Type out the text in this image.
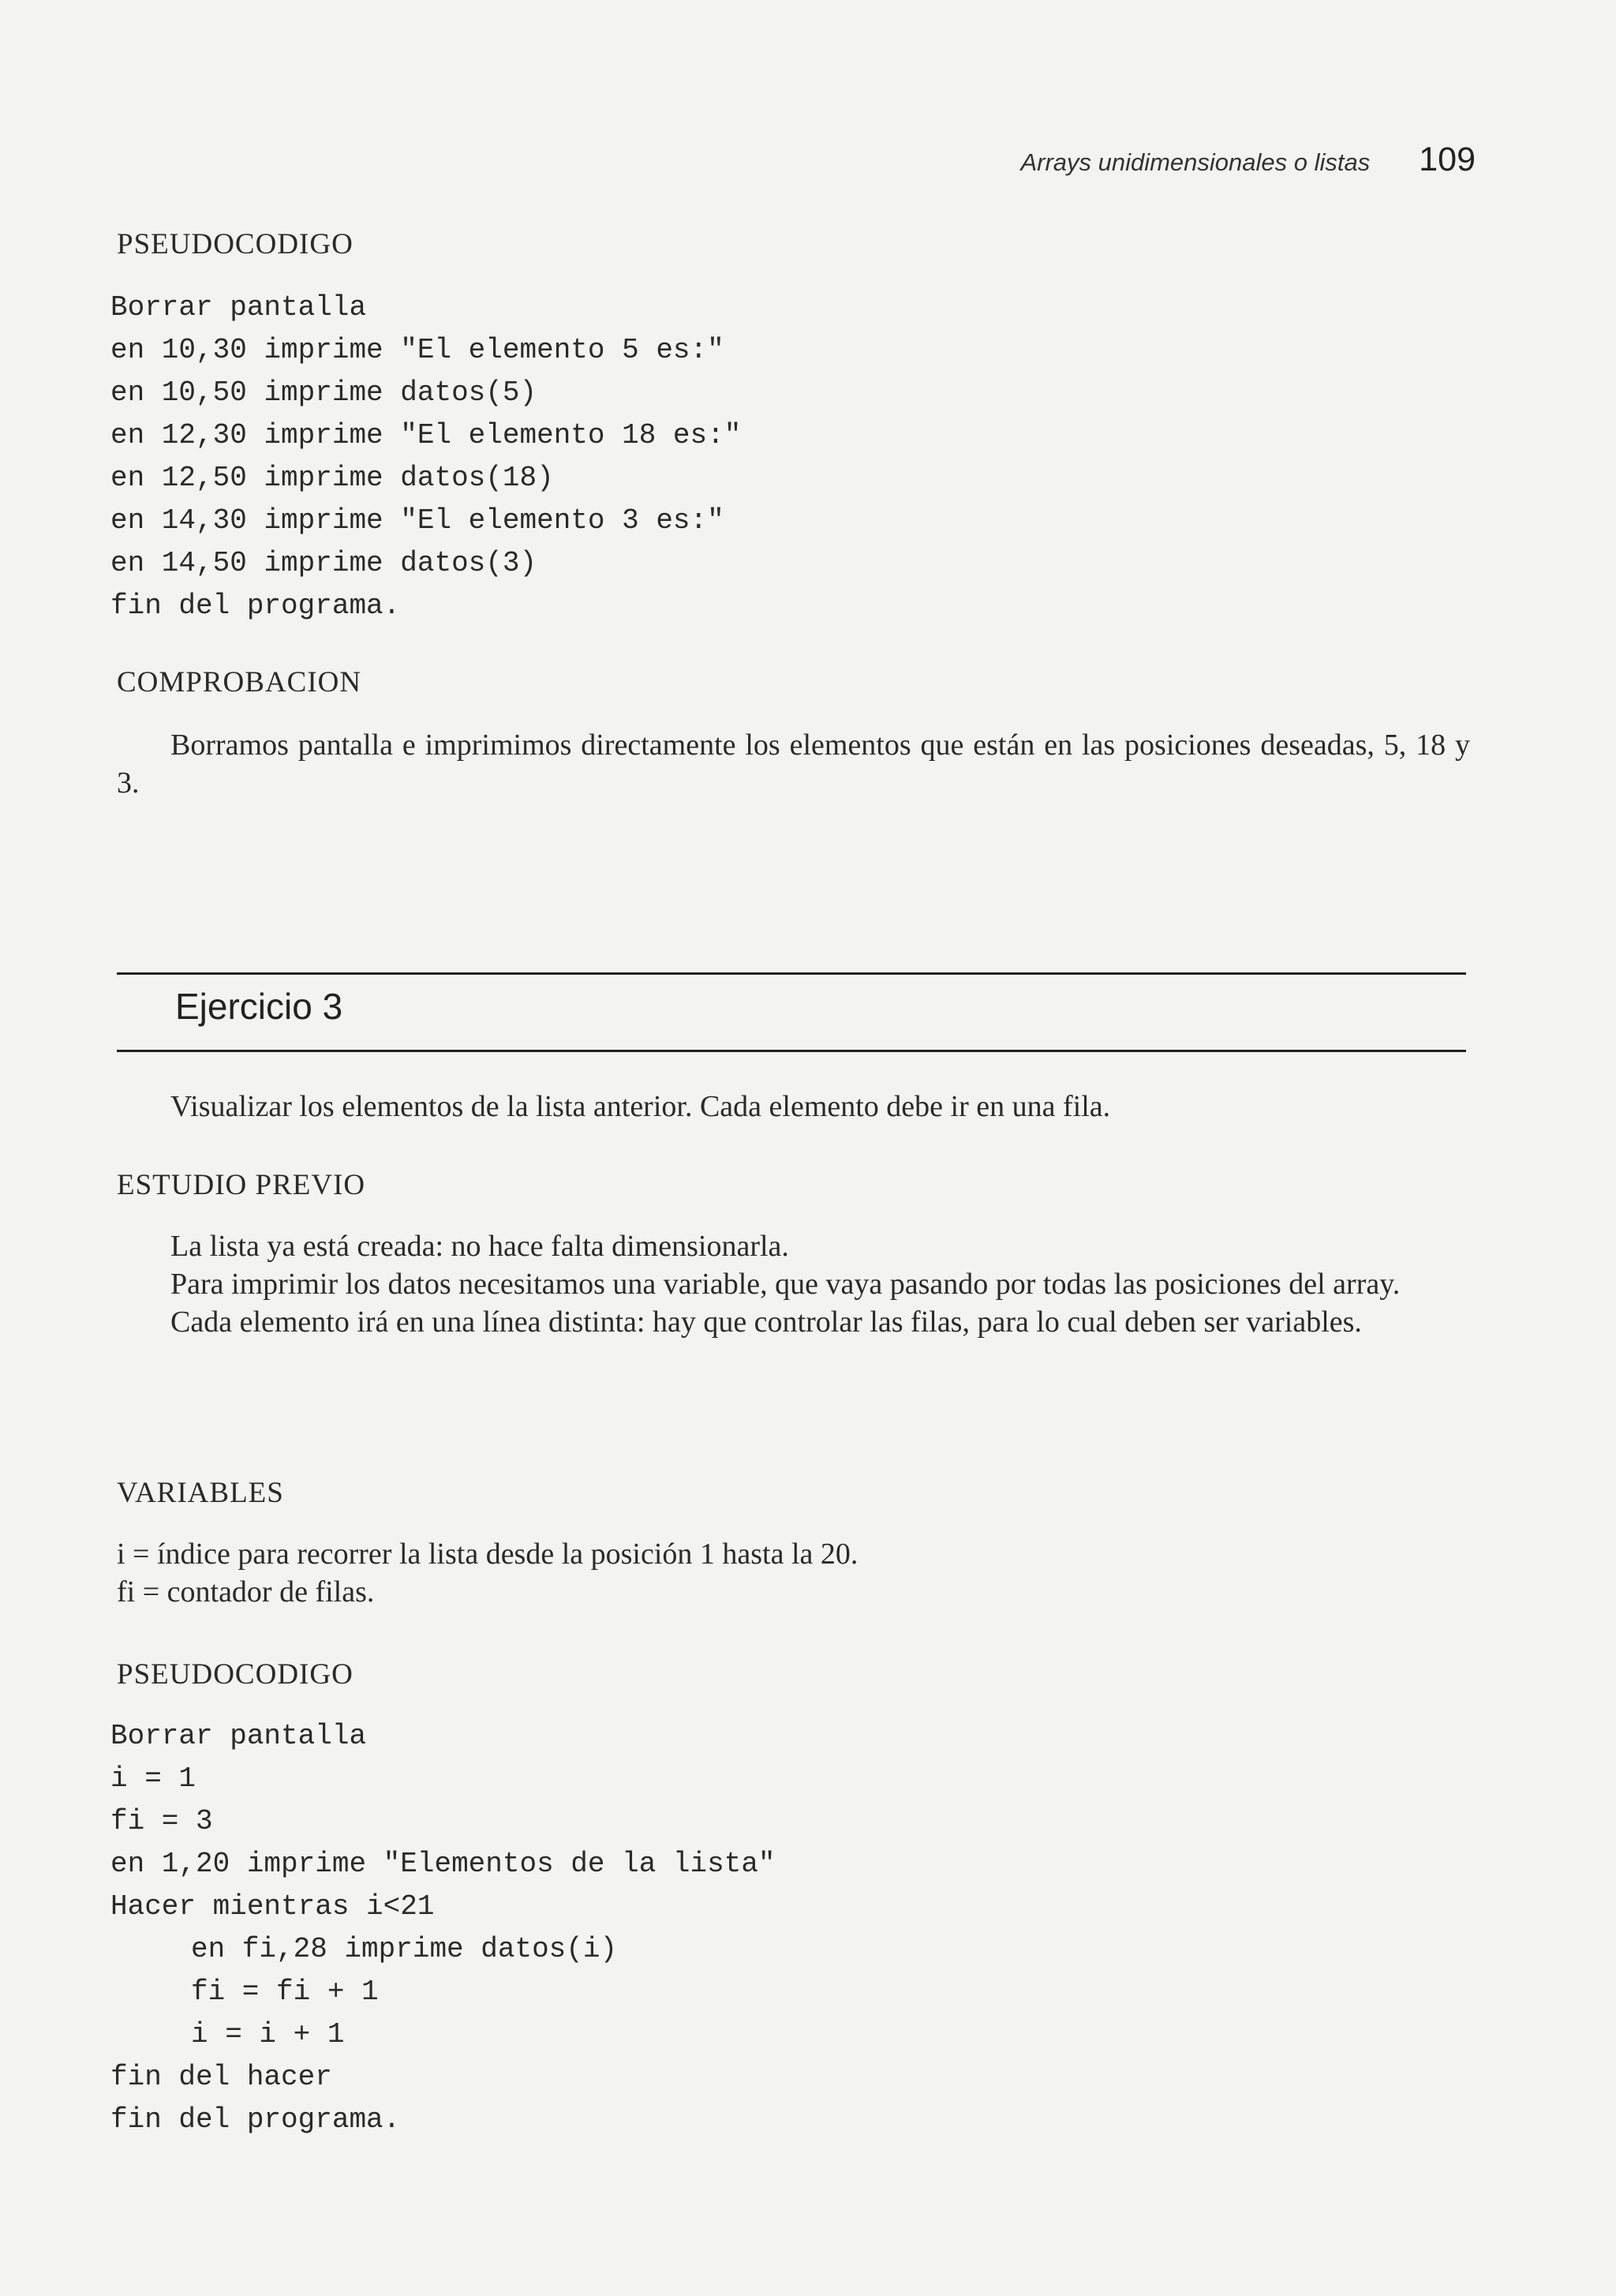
Arrays unidimensionales o listas 109
PSEUDOCODIGO
Borrar pantalla
en 10,30 imprime "El elemento 5 es:"
en 10,50 imprime datos(5)
en 12,30 imprime "El elemento 18 es:"
en 12,50 imprime datos(18)
en 14,30 imprime "El elemento 3 es:"
en 14,50 imprime datos(3)
fin del programa.
COMPROBACION

Borramos pantalla e imprimimos directamente los elementos que están en las posiciones deseadas, 5, 18 y 3.

Ejercicio 3

Visualizar los elementos de la lista anterior. Cada elemento debe ir en una fila.

ESTUDIO PREVIO

La lista ya está creada: no hace falta dimensionarla.

Para imprimir los datos necesitamos una variable, que vaya pasando por todas las posiciones del array.

Cada elemento irá en una línea distinta: hay que controlar las filas, para lo cual deben ser variables.

VARIABLES

i = índice para recorrer la lista desde la posición 1 hasta la 20.

fi = contador de filas.

PSEUDOCODIGO
Borrar pantalla
i = 1
fi = 3
en 1,20 imprime "Elementos de la lista"
Hacer mientras i<21
en fi,28 imprime datos(i)
fi = fi + 1
i = i + 1
fin del hacer
fin del programa.
